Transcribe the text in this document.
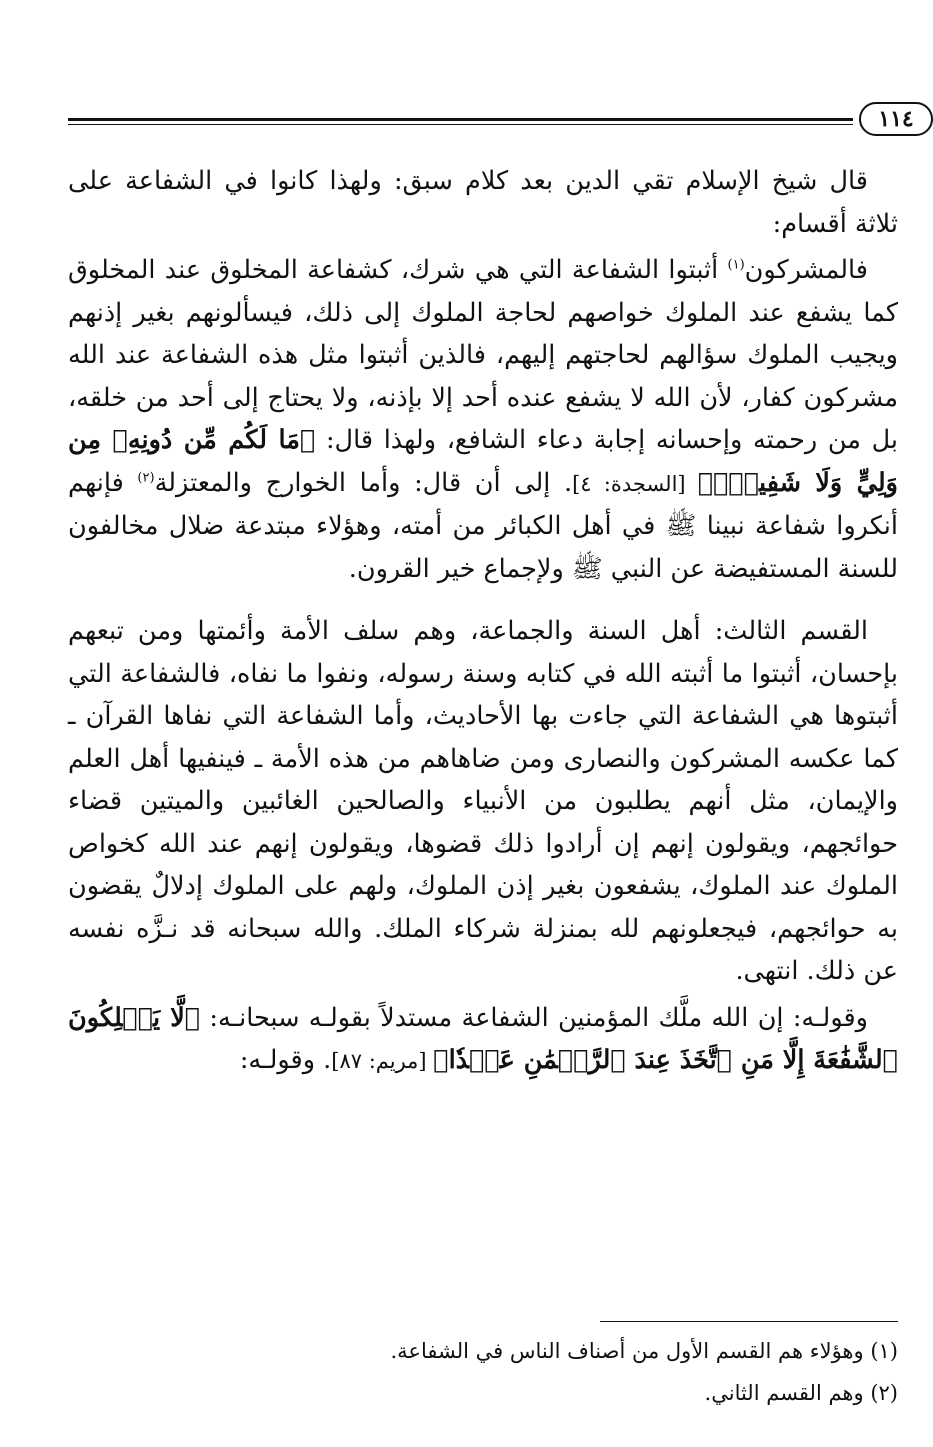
١١٤

قال شيخ الإسلام تقي الدين بعد كلام سبق: ولهذا كانوا في الشفاعة على ثلاثة أقسام:

فالمشركون$^{(١)}$ أثبتوا الشفاعة التي هي شرك، كشفاعة المخلوق عند المخلوق كما يشفع عند الملوك خواصهم لحاجة الملوك إلى ذلك، فيسألونهم بغير إذنهم ويجيب الملوك سؤالهم لحاجتهم إليهم، فالذين أثبتوا مثل هذه الشفاعة عند الله مشركون كفار، لأن الله لا يشفع عنده أحد إلا بإذنه، ولا يحتاج إلى أحد من خلقه، بل من رحمته وإحسانه إجابة دعاء الشافع، ولهذا قال: ﴿مَا لَكُم مِّن دُونِهِۦ مِن وَلِيٍّ وَلَا شَفِيعٍۚ﴾ [السجدة: ٤]. إلى أن قال: وأما الخوارج والمعتزلة$^{(٢)}$ فإنهم أنكروا شفاعة نبينا ﷺ في أهل الكبائر من أمته، وهؤلاء مبتدعة ضلال مخالفون للسنة المستفيضة عن النبي ﷺ ولإجماع خير القرون.

القسم الثالث: أهل السنة والجماعة، وهم سلف الأمة وأئمتها ومن تبعهم بإحسان، أثبتوا ما أثبته الله في كتابه وسنة رسوله، ونفوا ما نفاه، فالشفاعة التي أثبتوها هي الشفاعة التي جاءت بها الأحاديث، وأما الشفاعة التي نفاها القرآن ـ كما عكسه المشركون والنصارى ومن ضاهاهم من هذه الأمة ـ فينفيها أهل العلم والإيمان، مثل أنهم يطلبون من الأنبياء والصالحين الغائبين والميتين قضاء حوائجهم، ويقولون إنهم إن أرادوا ذلك قضوها، ويقولون إنهم عند الله كخواص الملوك عند الملوك، يشفعون بغير إذن الملوك، ولهم على الملوك إدلالٌ يقضون به حوائجهم، فيجعلونهم لله بمنزلة شركاء الملك. والله سبحانه قد نـزَّه نفسه عن ذلك. انتهى.

وقولـه: إن الله ملَّك المؤمنين الشفاعة مستدلاً بقولـه سبحانـه: ﴿لَّا يَمۡلِكُونَ ٱلشَّفَٰعَةَ إِلَّا مَنِ ٱتَّخَذَ عِندَ ٱلرَّحۡمَٰنِ عَهۡدٗا﴾ [مريم: ٨٧]. وقولـه:

(١) وهؤلاء هم القسم الأول من أصناف الناس في الشفاعة.
(٢) وهم القسم الثاني.
